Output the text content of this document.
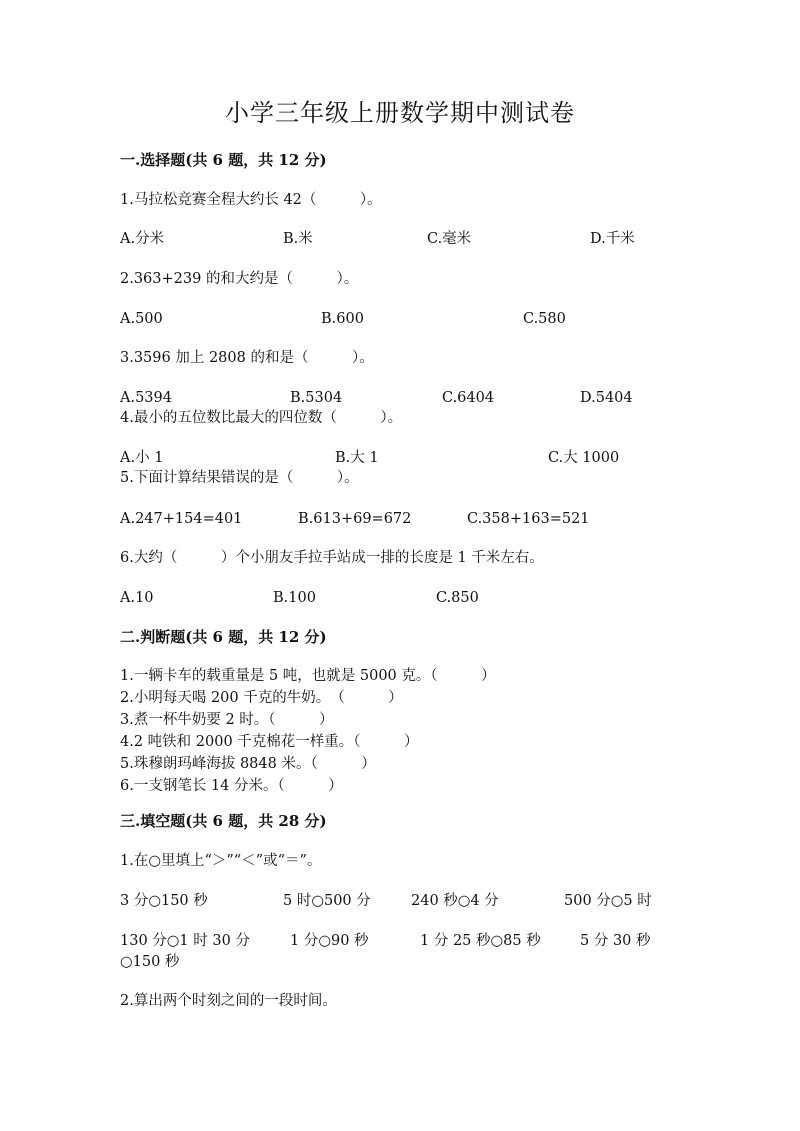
小学三年级上册数学期中测试卷
一.选择题(共 6 题，共 12 分)
1.马拉松竞赛全程大约长 42（　　　）。
A.分米	B.米	C.毫米	D.千米
2.363+239 的和大约是（　　　）。
A.500	B.600	C.580
3.3596 加上 2808 的和是（　　　）。
A.5394	B.5304	C.6404	D.5404
4.最小的五位数比最大的四位数（　　　）。
A.小 1	B.大 1	C.大 1000
5.下面计算结果错误的是（　　　）。
A.247+154=401	B.613+69=672	C.358+163=521
6.大约（　　　）个小朋友手拉手站成一排的长度是 1 千米左右。
A.10	B.100	C.850
二.判断题(共 6 题，共 12 分)
1.一辆卡车的载重量是 5 吨，也就是 5000 克。（　　　）
2.小明每天喝 200 千克的牛奶。　（　　　）
3.煮一杯牛奶要 2 时。（　　　）
4.2 吨铁和 2000 千克棉花一样重。（　　　）
5.珠穆朗玛峰海拔 8848 米。（　　　）
6.一支钢笔长 14 分米。（　　　）
三.填空题(共 6 题，共 28 分)
1.在○里填上“＞”“＜”或“＝”。
3 分○150 秒	5 时○500 分	240 秒○4 分	500 分○5 时
130 分○1 时 30 分	1 分○90 秒	1 分 25 秒○85 秒	5 分 30 秒
○150 秒
2.算出两个时刻之间的一段时间。
